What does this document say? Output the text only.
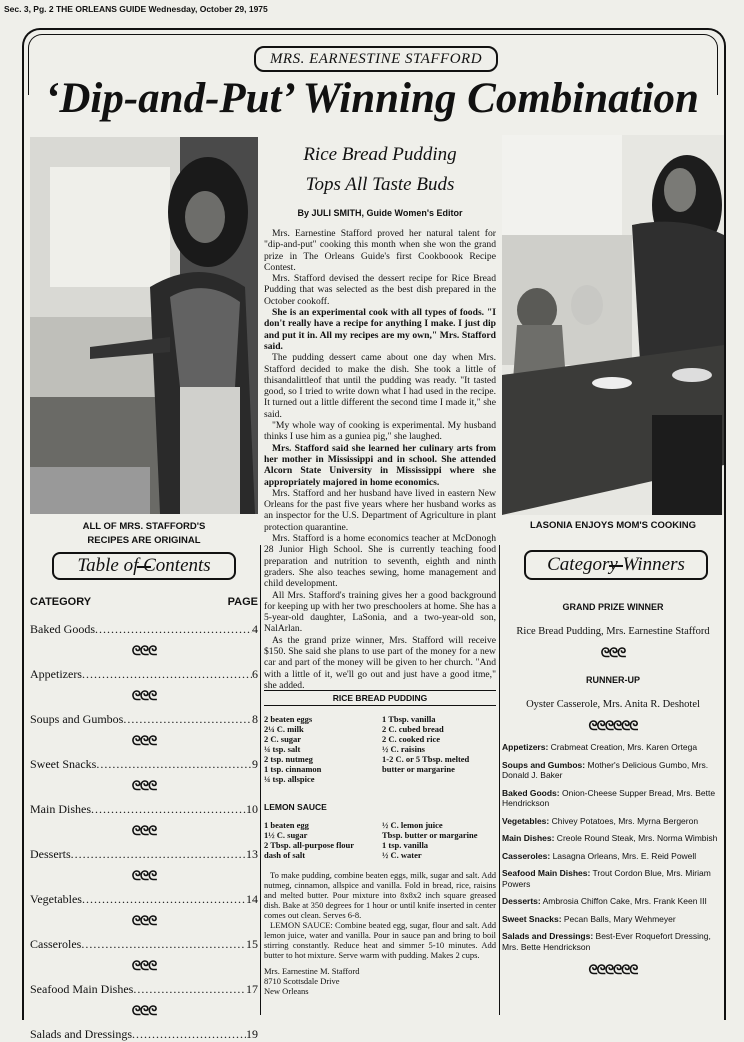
Sec. 3, Pg. 2 THE ORLEANS GUIDE Wednesday, October 29, 1975
MRS. EARNESTINE STAFFORD
‘Dip-and-Put’ Winning Combination
ALL OF MRS. STAFFORD'S
RECIPES ARE ORIGINAL
LASONIA ENJOYS MOM'S COOKING
Rice Bread Pudding
Tops All Taste Buds
By JULI SMITH, Guide Women's Editor

Mrs. Earnestine Stafford proved her natural talent for "dip-and-put" cooking this month when she won the grand prize in The Orleans Guide's first Cookboook Recipe Contest.

Mrs. Stafford devised the dessert recipe for Rice Bread Pudding that was selected as the best dish prepared in the October cookoff.

She is an experimental cook with all types of foods. "I don't really have a recipe for anything I make. I just dip and put it in. All my recipes are my own," Mrs. Stafford said.

The pudding dessert came about one day when Mrs. Stafford decided to make the dish. She took a little of thisandalittleof that until the pudding was ready. "It tasted good, so I tried to write down what I had used in the recipe. It turned out a little different the second time I made it," she said.

"My whole way of cooking is experimental. My husband thinks I use him as a guniea pig," she laughed.

Mrs. Stafford said she learned her culinary arts from her mother in Mississippi and in school. She attended Alcorn State University in Mississippi where she appropriately majored in home economics.

Mrs. Stafford and her husband have lived in eastern New Orleans for the past five years where her husband works as an inspector for the U.S. Department of Agriculture in plant protection quarantine.

Mrs. Stafford is a home economics teacher at McDonogh 28 Junior High School. She is currently teaching food preparation and nutrition to seventh, eighth and ninth graders. She also teaches sewing, home management and child development.

All Mrs. Stafford's training gives her a good background for keeping up with her two preschoolers at home. She has a 5-year-old daughter, LaSonia, and a two-year-old son, NalArlan.

As the grand prize winner, Mrs. Stafford will receive $150. She said she plans to use part of the money for a new car and part of the money will be given to her church. "And with a little of it, we'll go out and just have a good itme," she added.

RICE BREAD PUDDING
2 beaten eggs
2¼ C. milk
2 C. sugar
¼ tsp. salt
2 tsp. nutmeg
1 tsp. cinnamon
¼ tsp. allspice
1 Tbsp. vanilla
2 C. cubed bread
2 C. cooked rice
½ C. raisins
1-2 C. or 5 Tbsp. melted
butter or margarine
LEMON SAUCE
1 beaten egg
1½ C. sugar
2 Tbsp. all-purpose flour
dash of salt
½ C. lemon juice
Tbsp. butter or margarine
1 tsp. vanilla
½ C. water

To make pudding, combine beaten eggs, milk, sugar and salt. Add nutmeg, cinnamon, allspice and vanilla. Fold in bread, rice, raisins and melted butter. Pour mixture into 8x8x2 inch square greased dish. Bake at 350 degrees for 1 hour or until knife inserted in center comes out clean. Serves 6-8.

LEMON SAUCE: Combine beated egg, sugar, flour and salt. Add lemon juice, water and vanilla. Pour in sauce pan and bring to boil stirring constantly. Reduce heat and simmer 5-10 minutes. Add butter to hot mixture. Serve warm with pudding. Makes 2 cups.

Mrs. Earnestine M. Stafford
8710 Scottsdale Drive
New Orleans
Table of Contents
CATEGORY	PAGE
Baked Goods .....	4
ᘓᘓᘓ
Appetizers .....	6
ᘓᘓᘓ
Soups and Gumbos .....	8
ᘓᘓᘓ
Sweet Snacks .....	9
ᘓᘓᘓ
Main Dishes .....	10
ᘓᘓᘓ
Desserts .....	13
ᘓᘓᘓ
Vegetables .....	14
ᘓᘓᘓ
Casseroles .....	15
ᘓᘓᘓ
Seafood Main Dishes .....	17
ᘓᘓᘓ
Salads and Dressings .....	19
Category Winners
GRAND PRIZE WINNER
Rice Bread Pudding, Mrs. Earnestine Stafford
ᘓᘓᘓ
RUNNER-UP
Oyster Casserole, Mrs. Anita R. Deshotel
ᘓᘓᘓᘓᘓᘓ
Appetizers: Crabmeat Creation, Mrs. Karen Ortega
Soups and Gumbos: Mother's Delicious Gumbo, Mrs. Donald J. Baker
Baked Goods: Onion-Cheese Supper Bread, Mrs. Bette Hendrickson
Vegetables: Chivey Potatoes, Mrs. Myrna Bergeron
Main Dishes: Creole Round Steak, Mrs. Norma Wimbish
Casseroles: Lasagna Orleans, Mrs. E. Reid Powell
Seafood Main Dishes: Trout Cordon Blue, Mrs. Miriam Powers
Desserts: Ambrosia Chiffon Cake, Mrs. Frank Keen III
Sweet Snacks: Pecan Balls, Mary Wehmeyer
Salads and Dressings: Best-Ever Roquefort Dressing, Mrs. Bette Hendrickson
ᘓᘓᘓᘓᘓᘓ
